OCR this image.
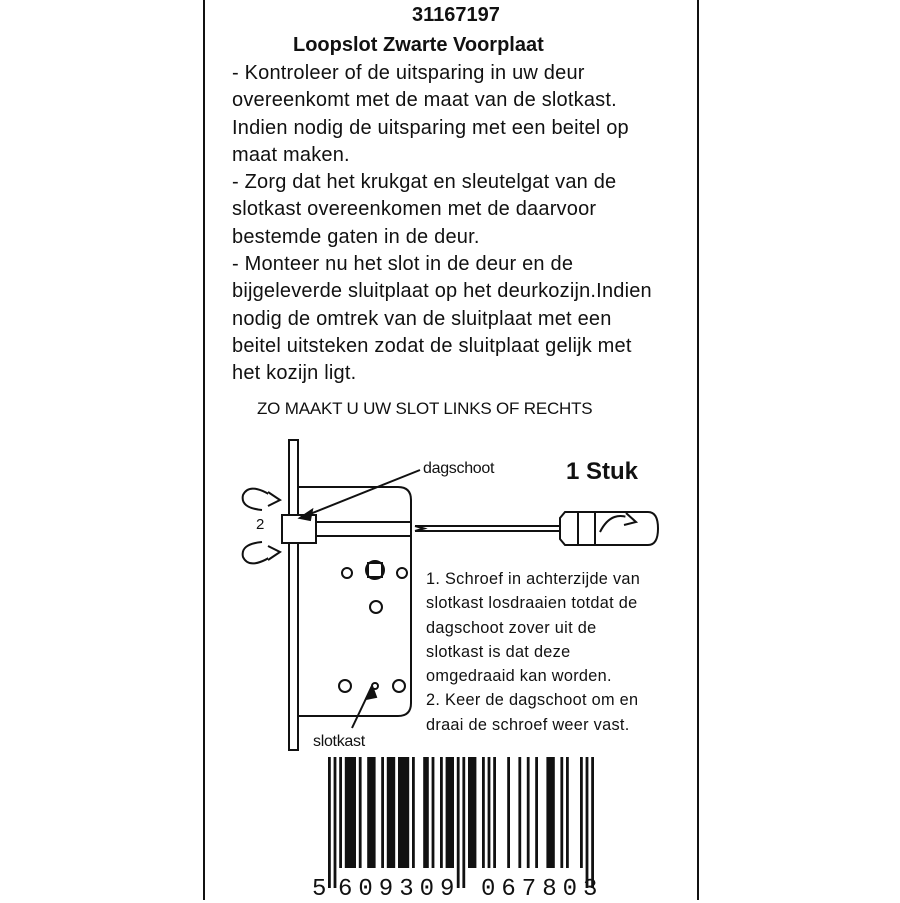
31167197
Loopslot Zwarte Voorplaat
- Kontroleer of de uitsparing in uw deur
overeenkomt met de maat van de slotkast.
Indien nodig de uitsparing met een beitel op
maat maken.
- Zorg dat het krukgat en sleutelgat van de
slotkast overeenkomen met de daarvoor
bestemde gaten in de deur.
- Monteer nu het slot in de deur en de
bijgeleverde sluitplaat op het deurkozijn.Indien
nodig de omtrek van de sluitplaat met een
beitel uitsteken zodat de sluitplaat gelijk met
het kozijn ligt.
ZO MAAKT U UW SLOT LINKS OF RECHTS
2
dagschoot
slotkast
1 Stuk
1. Schroef in achterzijde van
slotkast losdraaien totdat de
dagschoot zover uit de
slotkast is dat deze
omgedraaid kan worden.
2. Keer de dagschoot om en
draai de schroef weer vast.
5 609309 067803
